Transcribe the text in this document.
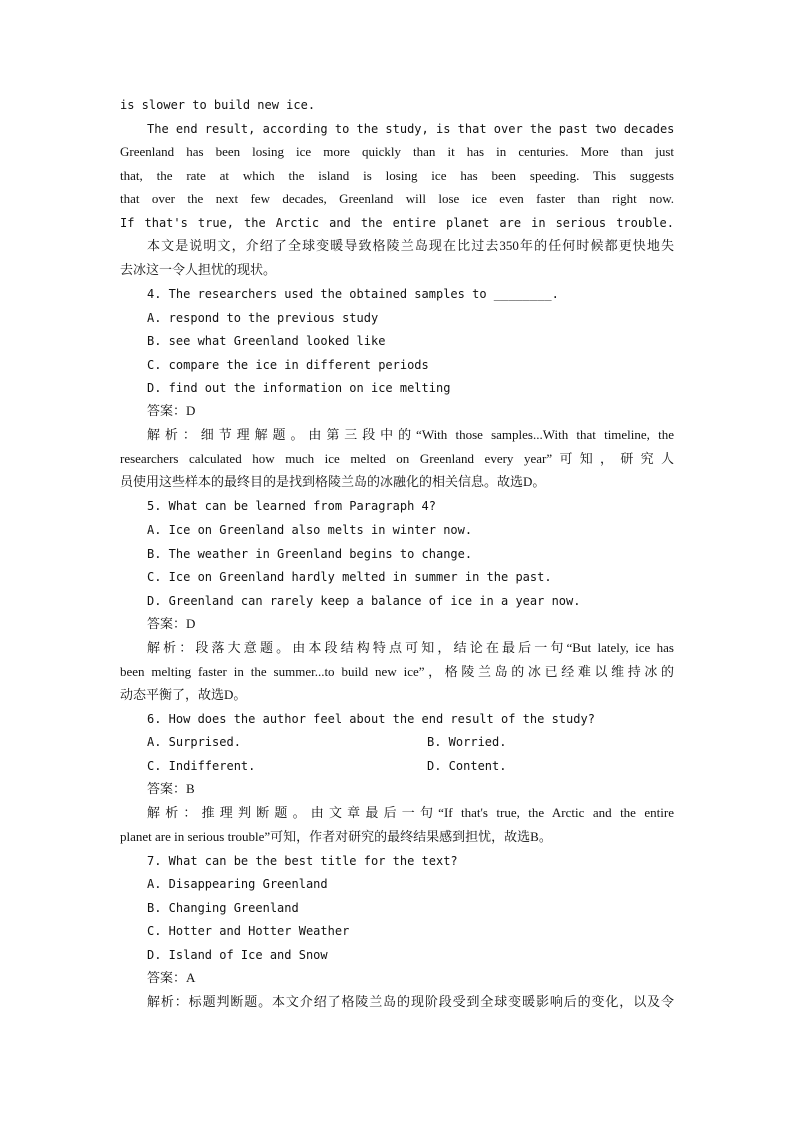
is slower to build new ice.
The end result, according to the study, is that over the past two decades
Greenland has been losing ice more quickly than it has in centuries. More than just
that, the rate at which the island is losing ice has been speeding. This suggests
that over the next few decades, Greenland will lose ice even faster than right now.
If that's true, the Arctic and the entire planet are in serious trouble.
本文是说明文，介绍了全球变暖导致格陵兰岛现在比过去350年的任何时候都更快地失
去冰这一令人担忧的现状。
4. The researchers used the obtained samples to ________.
A. respond to the previous study
B. see what Greenland looked like
C. compare the ice in different periods
D. find out the information on ice melting
答案：D
解析：细节理解题。由第三段中的“With those samples...With that timeline, the
researchers calculated how much ice melted on Greenland every year”可知，研究人
员使用这些样本的最终目的是找到格陵兰岛的冰融化的相关信息。故选D。
5. What can be learned from Paragraph 4?
A. Ice on Greenland also melts in winter now.
B. The weather in Greenland begins to change.
C. Ice on Greenland hardly melted in summer in the past.
D. Greenland can rarely keep a balance of ice in a year now.
答案：D
解析：段落大意题。由本段结构特点可知，结论在最后一句“But lately, ice has
been melting faster in the summer...to build new ice”，格陵兰岛的冰已经难以维持冰的
动态平衡了，故选D。
6. How does the author feel about the end result of the study?
A. Surprised.	B. Worried.
C. Indifferent.	D. Content.
答案：B
解析：推理判断题。由文章最后一句“If that's true, the Arctic and the entire
planet are in serious trouble”可知，作者对研究的最终结果感到担忧，故选B。
7. What can be the best title for the text?
A. Disappearing Greenland
B. Changing Greenland
C. Hotter and Hotter Weather
D. Island of Ice and Snow
答案：A
解析：标题判断题。本文介绍了格陵兰岛的现阶段受到全球变暖影响后的变化，以及令
